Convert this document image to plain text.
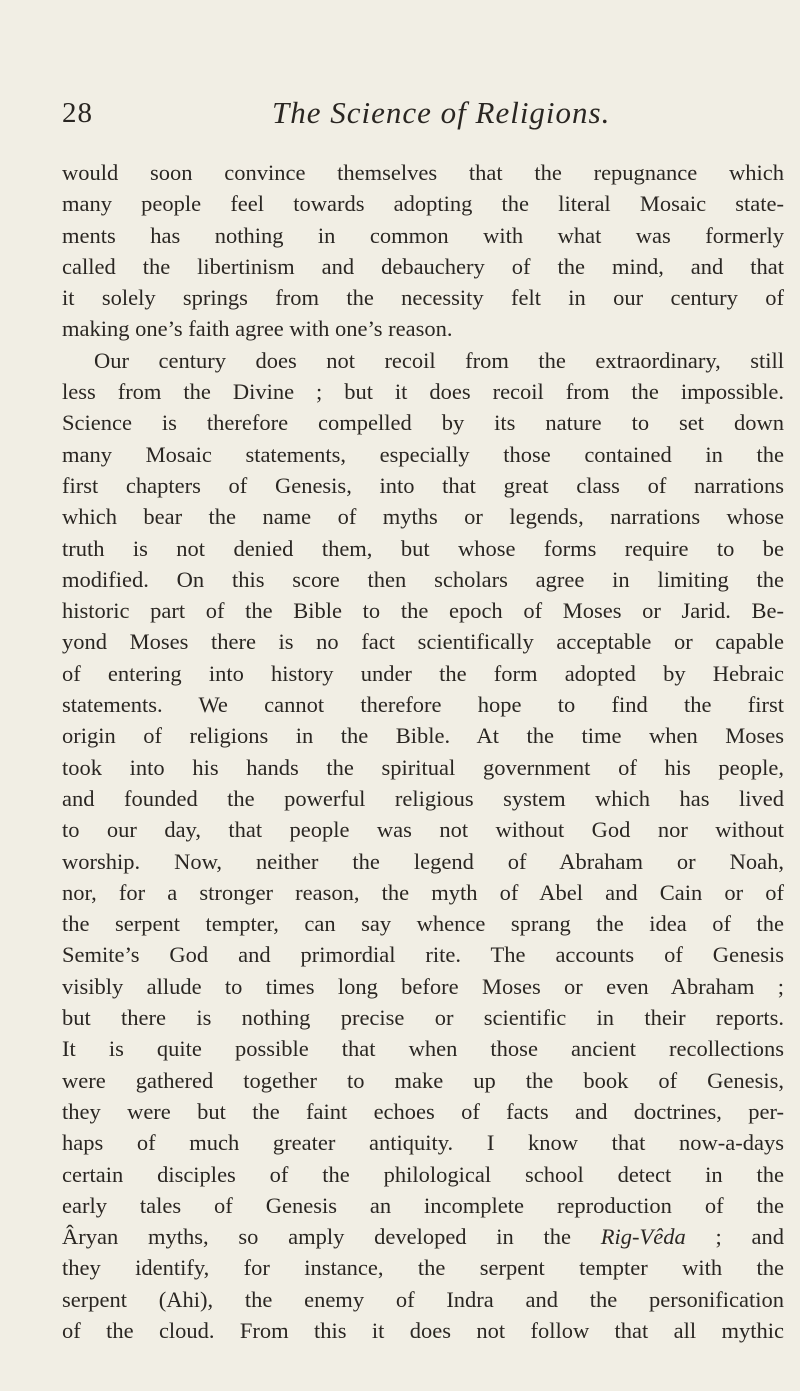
28	The Science of Religions.
would soon convince themselves that the repugnance which
many people feel towards adopting the literal Mosaic state-
ments has nothing in common with what was formerly
called the libertinism and debauchery of the mind, and that
it solely springs from the necessity felt in our century of
making one’s faith agree with one’s reason.
Our century does not recoil from the extraordinary, still
less from the Divine ; but it does recoil from the impossible.
Science is therefore compelled by its nature to set down
many Mosaic statements, especially those contained in the
first chapters of Genesis, into that great class of narrations
which bear the name of myths or legends, narrations whose
truth is not denied them, but whose forms require to be
modified. On this score then scholars agree in limiting the
historic part of the Bible to the epoch of Moses or Jarid. Be-
yond Moses there is no fact scientifically acceptable or capable
of entering into history under the form adopted by Hebraic
statements. We cannot therefore hope to find the first
origin of religions in the Bible. At the time when Moses
took into his hands the spiritual government of his people,
and founded the powerful religious system which has lived
to our day, that people was not without God nor without
worship. Now, neither the legend of Abraham or Noah,
nor, for a stronger reason, the myth of Abel and Cain or of
the serpent tempter, can say whence sprang the idea of the
Semite’s God and primordial rite. The accounts of Genesis
visibly allude to times long before Moses or even Abraham ;
but there is nothing precise or scientific in their reports.
It is quite possible that when those ancient recollections
were gathered together to make up the book of Genesis,
they were but the faint echoes of facts and doctrines, per-
haps of much greater antiquity. I know that now-a-days
certain disciples of the philological school detect in the
early tales of Genesis an incomplete reproduction of the
Âryan myths, so amply developed in the Rig-Vêda ; and
they identify, for instance, the serpent tempter with the
serpent (Ahi), the enemy of Indra and the personification
of the cloud. From this it does not follow that all mythic
